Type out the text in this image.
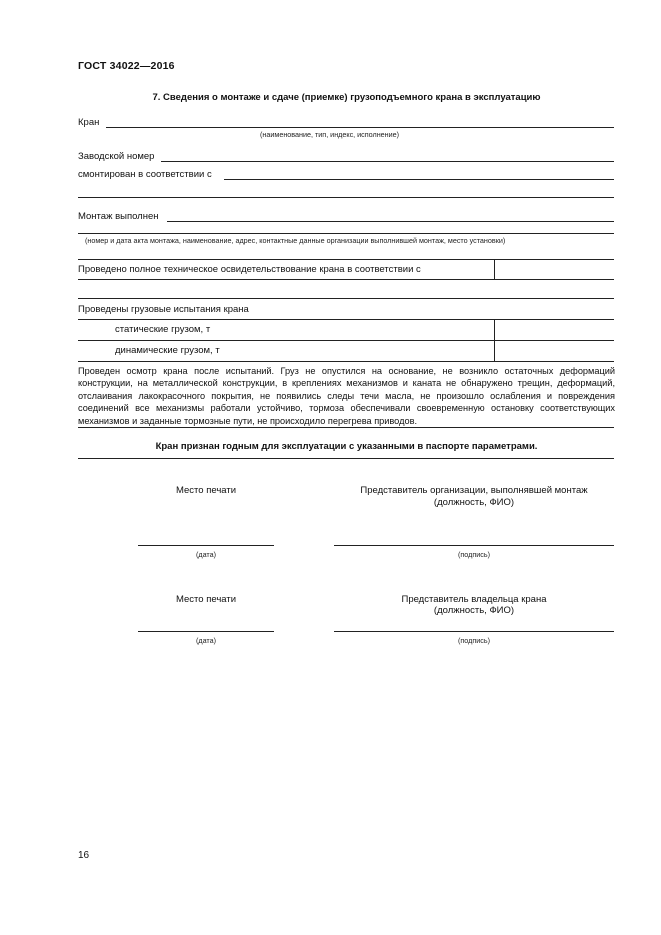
ГОСТ 34022—2016
7. Сведения о монтаже и сдаче (приемке) грузоподъемного крана в эксплуатацию
Кран
(наименование, тип, индекс, исполнение)
Заводской номер
смонтирован в соответствии с
Монтаж выполнен
(номер и дата акта монтажа, наименование, адрес, контактные данные организации выполнившей монтаж, место установки)
Проведено полное техническое освидетельствование крана в соответствии с
Проведены грузовые испытания крана
статические грузом, т
динамические грузом, т
Проведен осмотр крана после испытаний. Груз не опустился на основание, не возникло остаточных деформаций конструкции, на металлической конструкции, в креплениях механизмов и каната не обнаружено трещин, деформаций, отслаивания лакокрасочного покрытия, не появились следы течи масла, не произошло ослабления и повреждения соединений все механизмы работали устойчиво, тормоза обеспечивали своевременную остановку соответствующих механизмов и заданные тормозные пути, не происходило перегрева приводов.
Кран признан годным для эксплуатации с указанными в паспорте параметрами.
Место печати	Представитель организации, выполнявшей монтаж
(должность, ФИО)
(дата)	(подпись)
Место печати	Представитель владельца крана
(должность, ФИО)
(дата)	(подпись)
16
